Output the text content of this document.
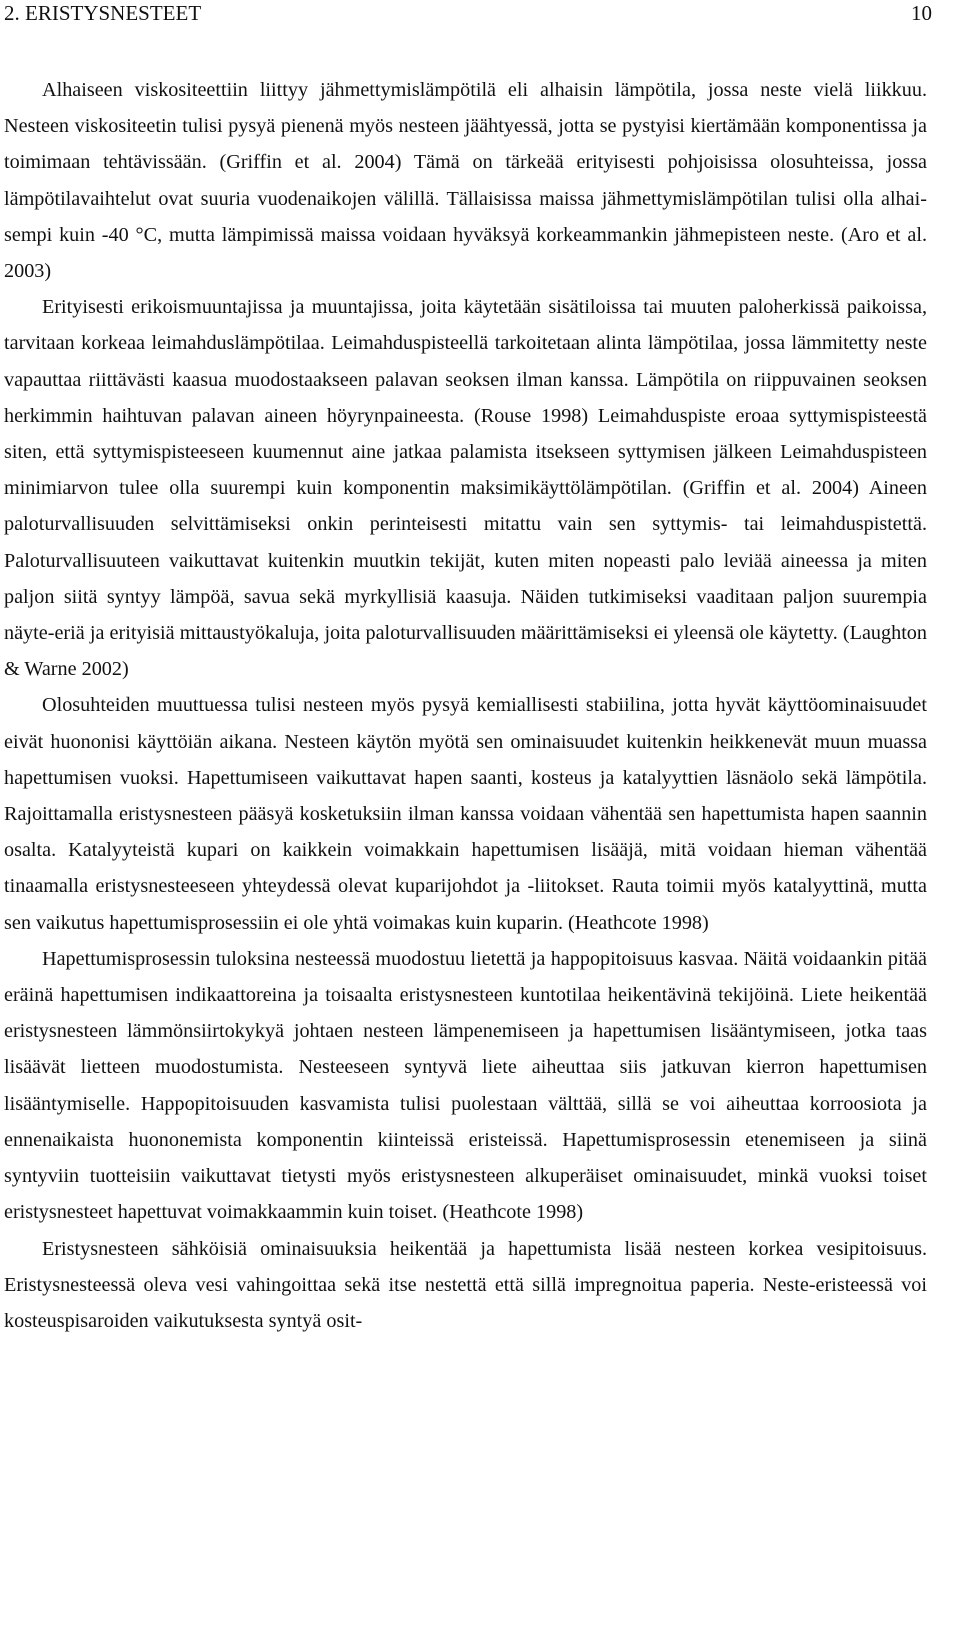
2. ERISTYSNESTEET	10

Alhaiseen viskositeettiin liittyy jähmettymislämpötilä eli alhaisin lämpötila, jossa neste vielä liikkuu. Nesteen viskositeetin tulisi pysyä pienenä myös nesteen jäähtyessä, jotta se pystyisi kiertämään komponentissa ja toimimaan tehtävissään. (Griffin et al. 2004) Tämä on tärkeää erityisesti pohjoisissa olosuhteissa, jossa lämpötilavaihtelut ovat suuria vuodenaikojen välillä. Tällaisissa maissa jähmettymislämpötilan tulisi olla alhaisempi kuin -40 °C, mutta lämpimissä maissa voidaan hyväksyä korkeammankin jähmepisteen neste. (Aro et al. 2003)

Erityisesti erikoismuuntajissa ja muuntajissa, joita käytetään sisätiloissa tai muuten paloherkissä paikoissa, tarvitaan korkeaa leimahduslämpötilaa. Leimahduspisteellä tarkoitetaan alinta lämpötilaa, jossa lämmitetty neste vapauttaa riittävästi kaasua muodostaakseen palavan seoksen ilman kanssa. Lämpötila on riippuvainen seoksen herkimmin haihtuvan palavan aineen höyrynpaineesta. (Rouse 1998) Leimahduspiste eroaa syttymispisteestä siten, että syttymispisteeseen kuumennut aine jatkaa palamista itsekseen syttymisen jälkeen Leimahduspisteen minimiarvon tulee olla suurempi kuin komponentin maksimikäyttölämpötilan. (Griffin et al. 2004) Aineen paloturvallisuuden selvittämiseksi onkin perinteisesti mitattu vain sen syttymis- tai leimahduspistettä. Paloturvallisuuteen vaikuttavat kuitenkin muutkin tekijät, kuten miten nopeasti palo leviää aineessa ja miten paljon siitä syntyy lämpöä, savua sekä myrkyllisiä kaasuja. Näiden tutkimiseksi vaaditaan paljon suurempia näyte-eriä ja erityisiä mittaustyökaluja, joita paloturvallisuuden määrittämiseksi ei yleensä ole käytetty. (Laughton & Warne 2002)

Olosuhteiden muuttuessa tulisi nesteen myös pysyä kemiallisesti stabiilina, jotta hyvät käyttöominaisuudet eivät huononisi käyttöiän aikana. Nesteen käytön myötä sen ominaisuudet kuitenkin heikkenevät muun muassa hapettumisen vuoksi. Hapettumiseen vaikuttavat hapen saanti, kosteus ja katalyyttien läsnäolo sekä lämpötila. Rajoittamalla eristysnesteen pääsyä kosketuksiin ilman kanssa voidaan vähentää sen hapettumista hapen saannin osalta. Katalyyteistä kupari on kaikkein voimakkain hapettumisen lisääjä, mitä voidaan hieman vähentää tinaamalla eristysnesteeseen yhteydessä olevat kuparijohdot ja -liitokset. Rauta toimii myös katalyyttinä, mutta sen vaikutus hapettumisprosessiin ei ole yhtä voimakas kuin kuparin. (Heathcote 1998)

Hapettumisprosessin tuloksina nesteessä muodostuu lietettä ja happopitoisuus kasvaa. Näitä voidaankin pitää eräinä hapettumisen indikaattoreina ja toisaalta eristysnesteen kuntotilaa heikentävinä tekijöinä. Liete heikentää eristysnesteen lämmönsiirtokykyä johtaen nesteen lämpenemiseen ja hapettumisen lisääntymiseen, jotka taas lisäävät lietteen muodostumista. Nesteeseen syntyvä liete aiheuttaa siis jatkuvan kierron hapettumisen lisääntymiselle. Happopitoisuuden kasvamista tulisi puolestaan välttää, sillä se voi aiheuttaa korroosiota ja ennenaikaista huononemista komponentin kiinteissä eristeissä. Hapettumisprosessin etenemiseen ja siinä syntyviin tuotteisiin vaikuttavat tietysti myös eristysnesteen alkuperäiset ominaisuudet, minkä vuoksi toiset eristysnesteet hapettuvat voimakkaammin kuin toiset. (Heathcote 1998)

Eristysnesteen sähköisiä ominaisuuksia heikentää ja hapettumista lisää nesteen korkea vesipitoisuus. Eristysnesteessä oleva vesi vahingoittaa sekä itse nestettä että sillä impregnoitua paperia. Neste-eristeessä voi kosteuspisaroiden vaikutuksesta syntyä osit-
